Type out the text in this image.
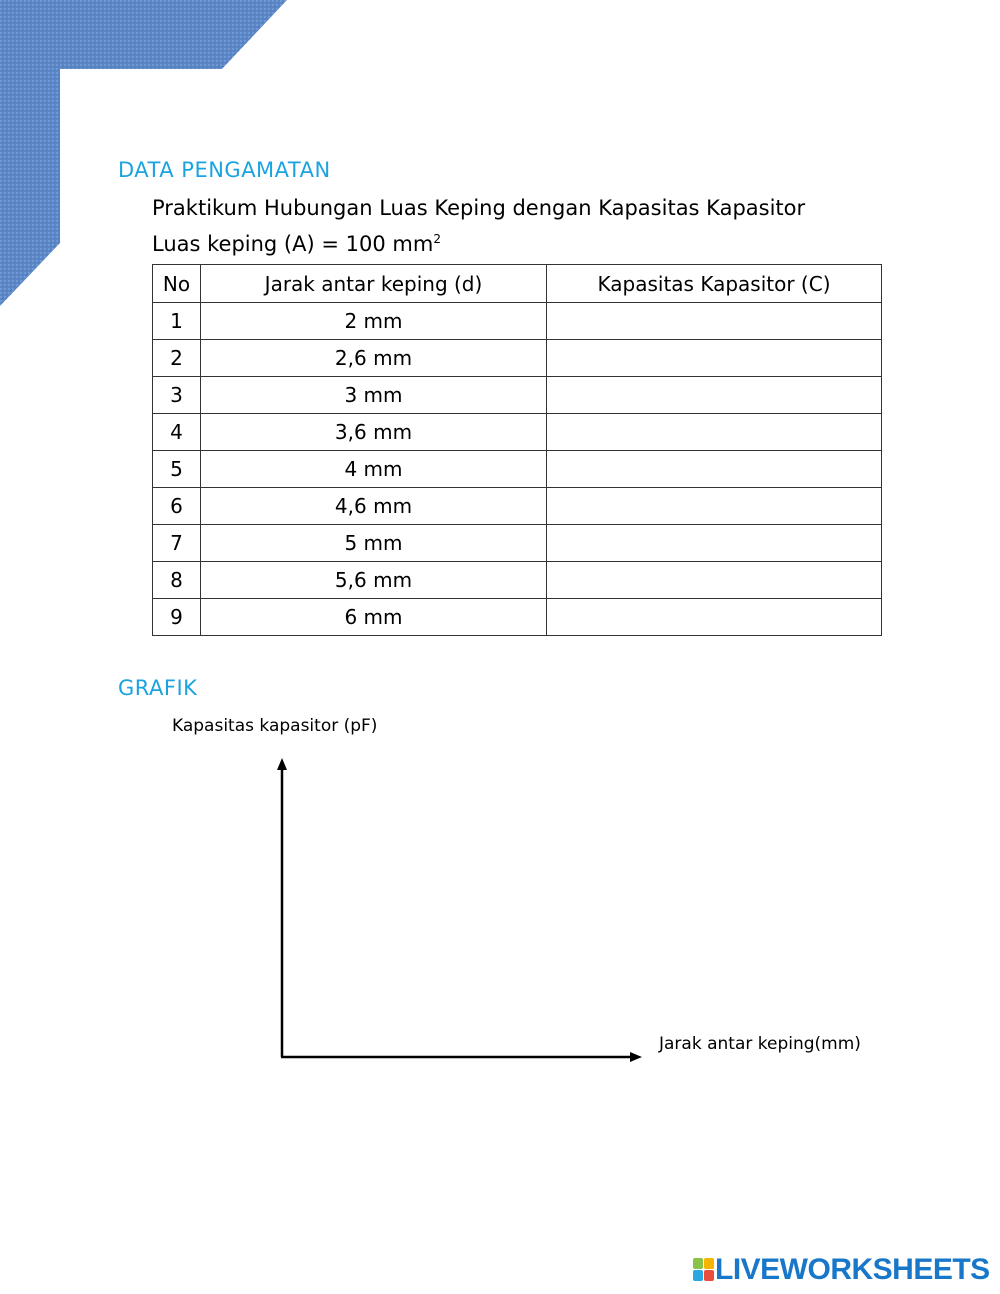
DATA PENGAMATAN
Praktikum Hubungan Luas Keping dengan Kapasitas Kapasitor
Luas keping (A) = 100 $mm^2$
No	Jarak antar keping (d)	Kapasitas Kapasitor (C)
1	2 mm	
2	2,6 mm	
3	3 mm	
4	3,6 mm	
5	4 mm	
6	4,6 mm	
7	5 mm	
8	5,6 mm	
9	6 mm	
GRAFIK
Kapasitas kapasitor (pF)
Jarak antar keping(mm)
LIVEWORKSHEETS
